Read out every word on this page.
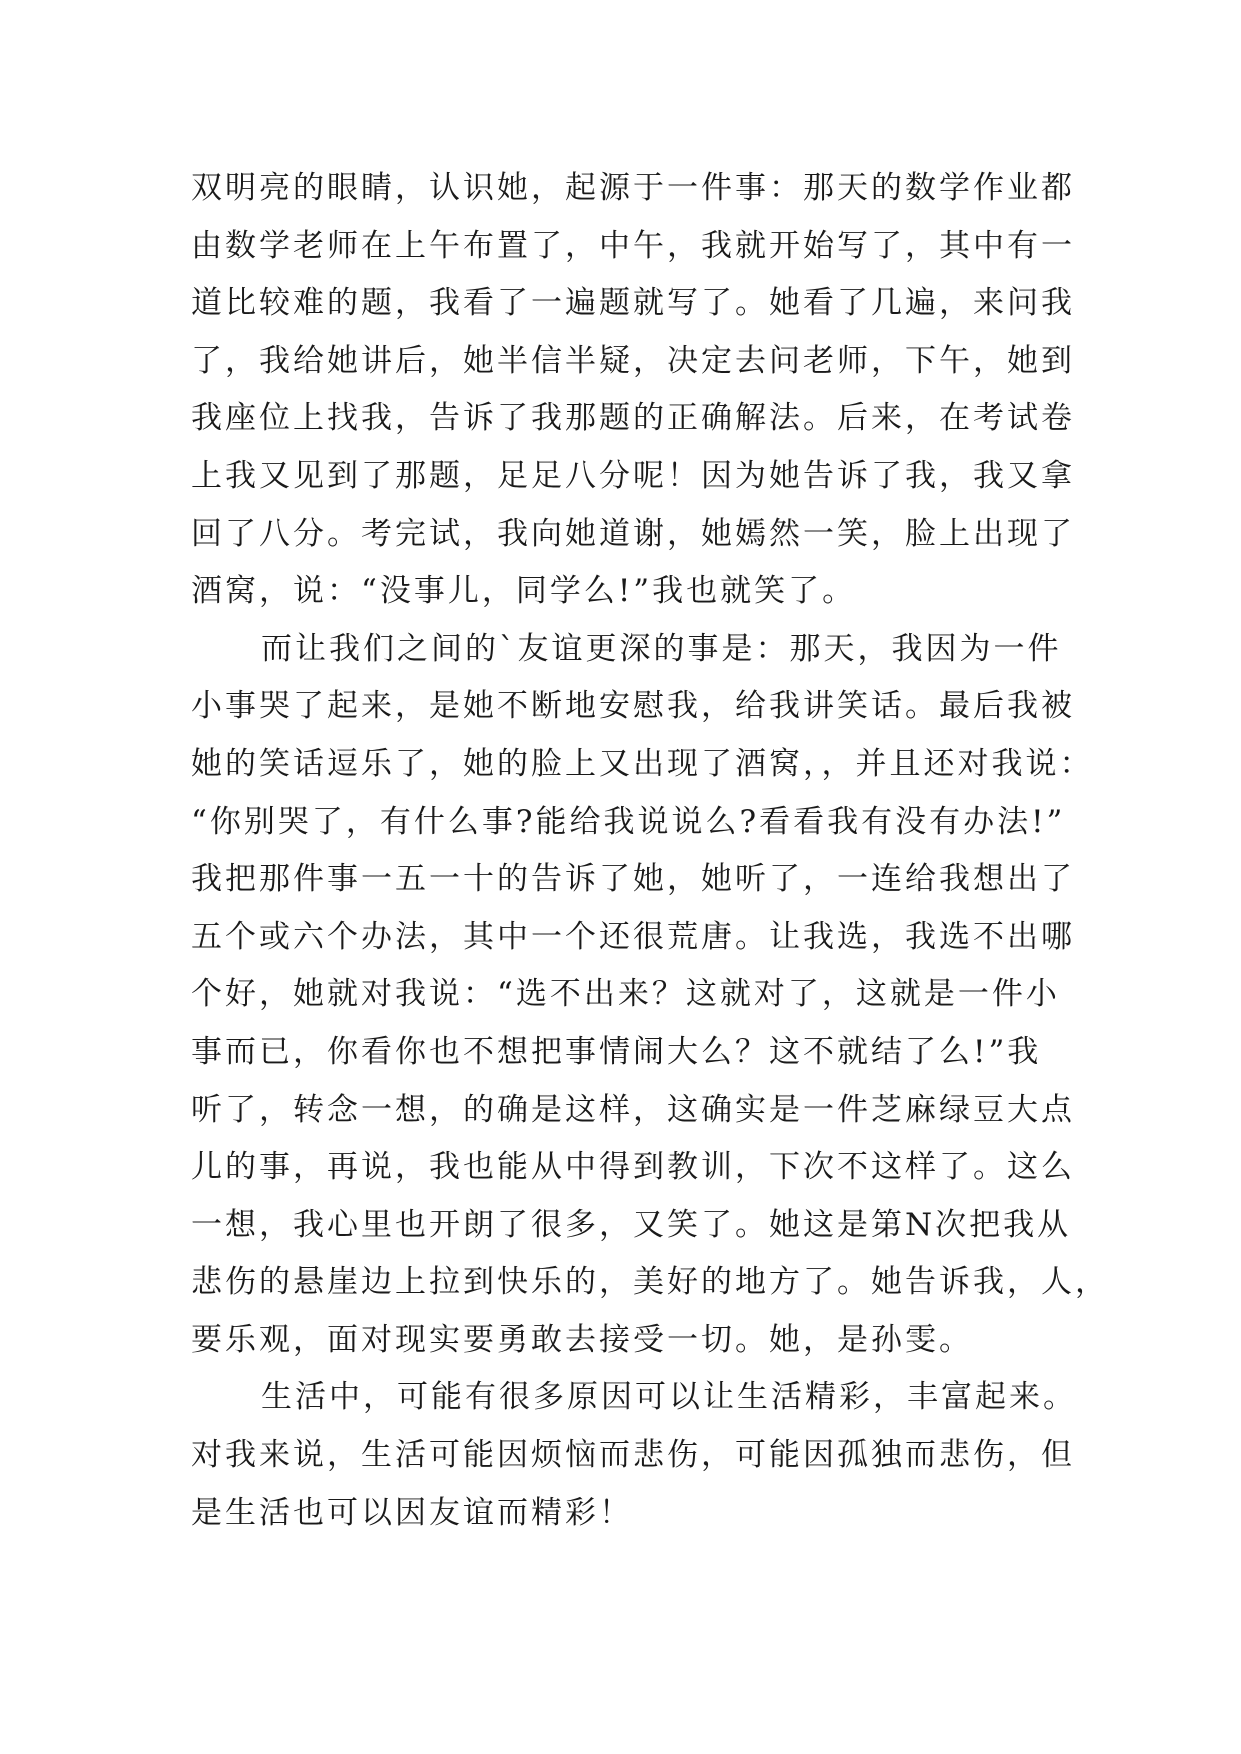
双明亮的眼睛，认识她，起源于一件事：那天的数学作业都
由数学老师在上午布置了，中午，我就开始写了，其中有一
道比较难的题，我看了一遍题就写了。她看了几遍，来问我
了，我给她讲后，她半信半疑，决定去问老师，下午，她到
我座位上找我，告诉了我那题的正确解法。后来，在考试卷
上我又见到了那题，足足八分呢！因为她告诉了我，我又拿
回了八分。考完试，我向她道谢，她嫣然一笑，脸上出现了
酒窝，说：“没事儿，同学么!”我也就笑了。
而让我们之间的`友谊更深的事是：那天，我因为一件
小事哭了起来，是她不断地安慰我，给我讲笑话。最后我被
她的笑话逗乐了，她的脸上又出现了酒窝，，并且还对我说：
“你别哭了，有什么事?能给我说说么?看看我有没有办法!”
我把那件事一五一十的告诉了她，她听了，一连给我想出了
五个或六个办法，其中一个还很荒唐。让我选，我选不出哪
个好，她就对我说：“选不出来？这就对了，这就是一件小
事而已，你看你也不想把事情闹大么？这不就结了么!”我
听了，转念一想，的确是这样，这确实是一件芝麻绿豆大点
儿的事，再说，我也能从中得到教训，下次不这样了。这么
一想，我心里也开朗了很多，又笑了。她这是第N次把我从
悲伤的悬崖边上拉到快乐的，美好的地方了。她告诉我，人，
要乐观，面对现实要勇敢去接受一切。她，是孙雯。
生活中，可能有很多原因可以让生活精彩，丰富起来。
对我来说，生活可能因烦恼而悲伤，可能因孤独而悲伤，但
是生活也可以因友谊而精彩！
